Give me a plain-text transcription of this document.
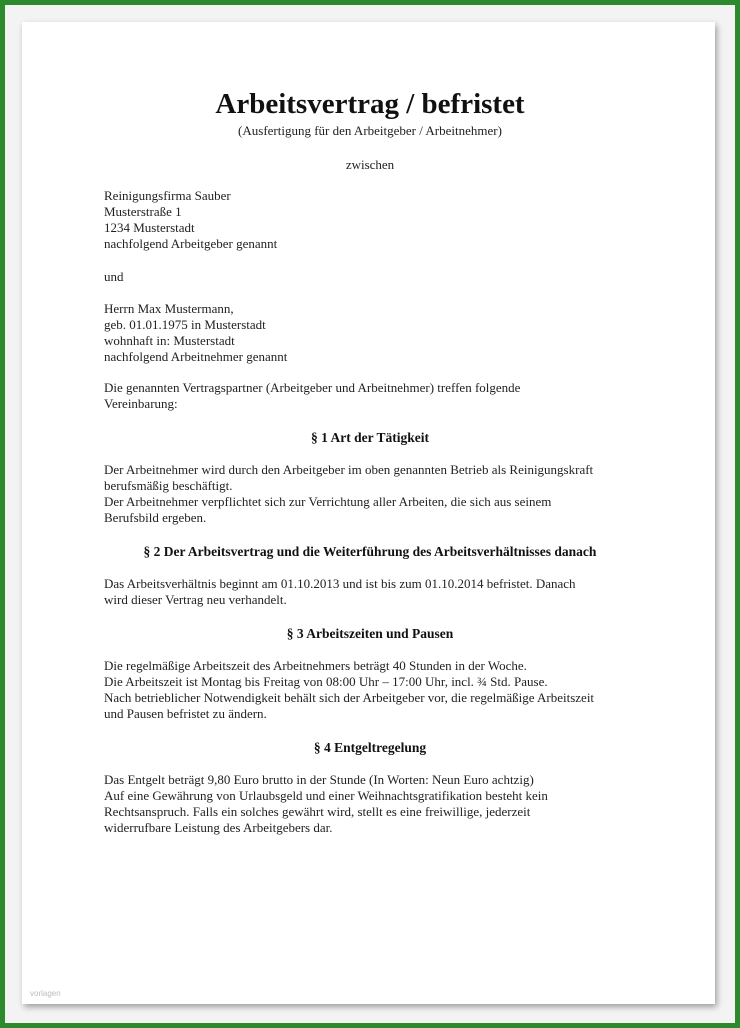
Arbeitsvertrag / befristet

(Ausfertigung für den Arbeitgeber / Arbeitnehmer)

zwischen

Reinigungsfirma Sauber
Musterstraße 1
1234 Musterstadt
nachfolgend Arbeitgeber genannt
und
Herrn Max Mustermann,
geb. 01.01.1975 in Musterstadt
wohnhaft in: Musterstadt
nachfolgend Arbeitnehmer genannt
Die genannten Vertragspartner (Arbeitgeber und Arbeitnehmer) treffen folgende
Vereinbarung:
§ 1 Art der Tätigkeit
Der Arbeitnehmer wird durch den Arbeitgeber im oben genannten Betrieb als Reinigungskraft
berufsmäßig beschäftigt.
Der Arbeitnehmer verpflichtet sich zur Verrichtung aller Arbeiten, die sich aus seinem
Berufsbild ergeben.
§ 2 Der Arbeitsvertrag und die Weiterführung des Arbeitsverhältnisses danach
Das Arbeitsverhältnis beginnt am 01.10.2013 und ist bis zum 01.10.2014 befristet. Danach
wird dieser Vertrag neu verhandelt.
§ 3 Arbeitszeiten und Pausen
Die regelmäßige Arbeitszeit des Arbeitnehmers beträgt 40 Stunden in der Woche.
Die Arbeitszeit ist Montag bis Freitag von 08:00 Uhr – 17:00 Uhr, incl. ¾ Std. Pause.
Nach betrieblicher Notwendigkeit behält sich der Arbeitgeber vor, die regelmäßige Arbeitszeit
und Pausen befristet zu ändern.
§ 4 Entgeltregelung
Das Entgelt beträgt 9,80 Euro brutto in der Stunde (In Worten: Neun Euro achtzig)
Auf eine Gewährung von Urlaubsgeld und einer Weihnachtsgratifikation besteht kein
Rechtsanspruch. Falls ein solches gewährt wird, stellt es eine freiwillige, jederzeit
widerrufbare Leistung des Arbeitgebers dar.
vorlagen
